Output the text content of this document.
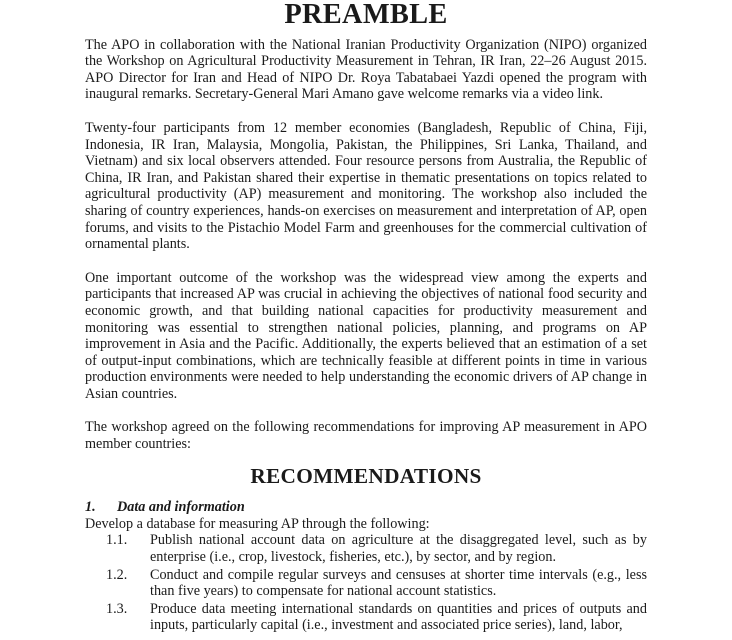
PREAMBLE

The APO in collaboration with the National Iranian Productivity Organization (NIPO) organized the Workshop on Agricultural Productivity Measurement in Tehran, IR Iran, 22–26 August 2015. APO Director for Iran and Head of NIPO Dr. Roya Tabatabaei Yazdi opened the program with inaugural remarks. Secretary-General Mari Amano gave welcome remarks via a video link.

Twenty-four participants from 12 member economies (Bangladesh, Republic of China, Fiji, Indonesia, IR Iran, Malaysia, Mongolia, Pakistan, the Philippines, Sri Lanka, Thailand, and Vietnam) and six local observers attended. Four resource persons from Australia, the Republic of China, IR Iran, and Pakistan shared their expertise in thematic presentations on topics related to agricultural productivity (AP) measurement and monitoring. The workshop also included the sharing of country experiences, hands-on exercises on measurement and interpretation of AP, open forums, and visits to the Pistachio Model Farm and greenhouses for the commercial cultivation of ornamental plants.

One important outcome of the workshop was the widespread view among the experts and participants that increased AP was crucial in achieving the objectives of national food security and economic growth, and that building national capacities for productivity measurement and monitoring was essential to strengthen national policies, planning, and programs on AP improvement in Asia and the Pacific. Additionally, the experts believed that an estimation of a set of output-input combinations, which are technically feasible at different points in time in various production environments were needed to help understanding the economic drivers of AP change in Asian countries.

The workshop agreed on the following recommendations for improving AP measurement in APO member countries:

RECOMMENDATIONS
1.	Data and information

Develop a database for measuring AP through the following:

1.1.	Publish national account data on agriculture at the disaggregated level, such as by enterprise (i.e., crop, livestock, fisheries, etc.), by sector, and by region.
1.2.	Conduct and compile regular surveys and censuses at shorter time intervals (e.g., less than five years) to compensate for national account statistics.
1.3.	Produce data meeting international standards on quantities and prices of outputs and inputs, particularly capital (i.e., investment and associated price series), land, labor,
